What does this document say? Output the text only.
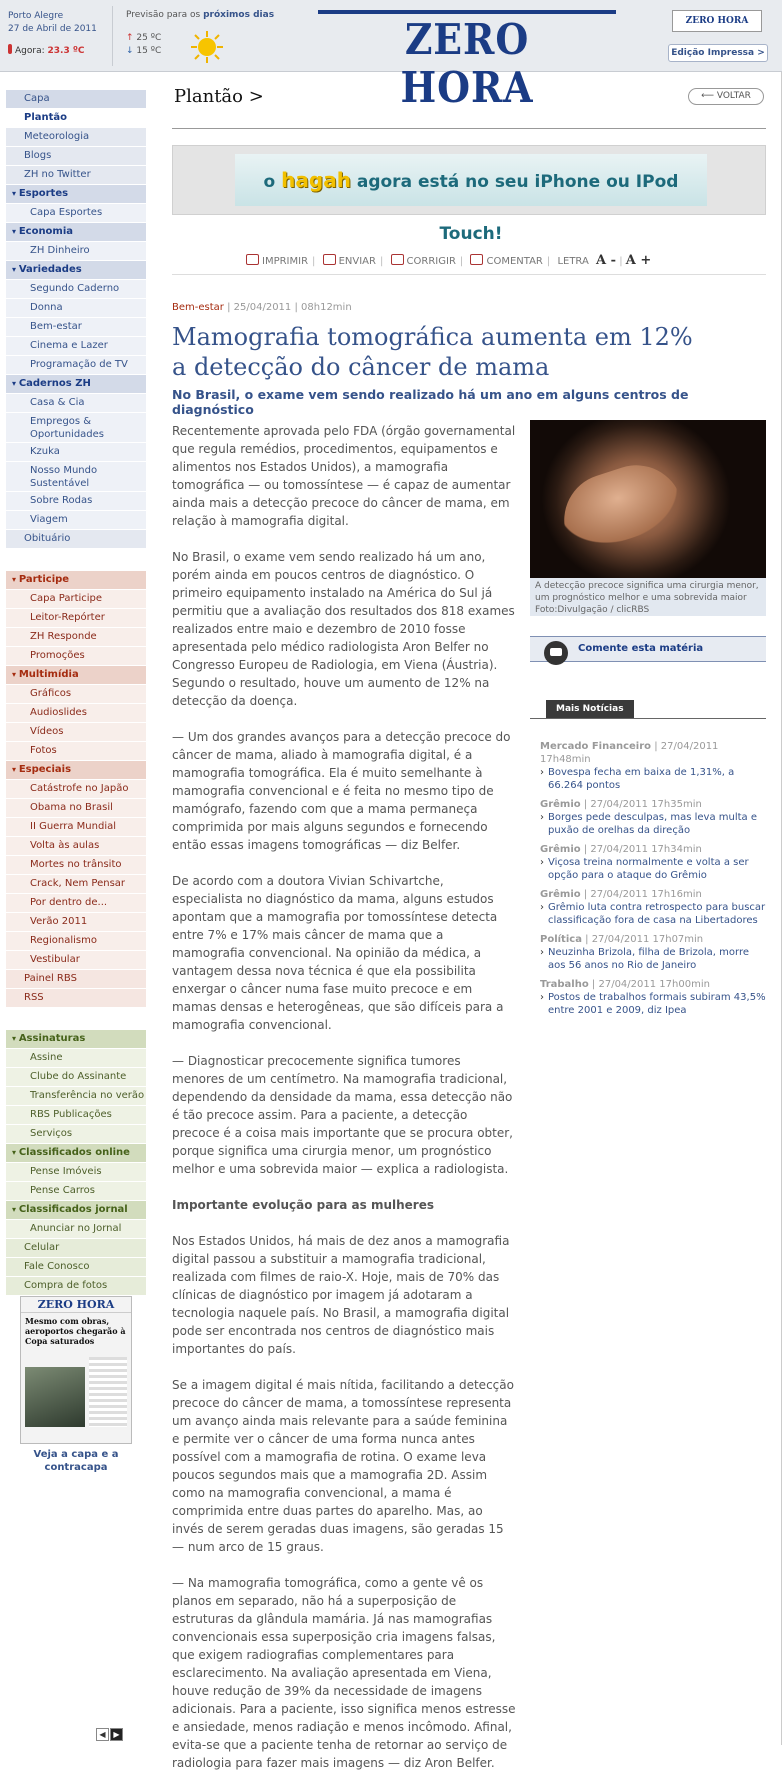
Porto Alegre
27 de Abril de 2011
Agora: 23.3 ºC
Previsão para os próximos dias
↑ 25 ºC
↓ 15 ºC	ZERO HORA
ZERO HORA
Edição Impressa >
Capa
Plantão
Meteorologia
Blogs
ZH no Twitter
▾ Esportes
Capa Esportes
▾ Economia
ZH Dinheiro
▾ Variedades
Segundo Caderno
Donna
Bem-estar
Cinema e Lazer
Programação de TV
▾ Cadernos ZH
Casa & Cia
Empregos & Oportunidades
Kzuka
Nosso Mundo Sustentável
Sobre Rodas
Viagem
Obituário
▾ Participe
Capa Participe
Leitor-Repórter
ZH Responde
Promoções
▾ Multimídia
Gráficos
Audioslides
Vídeos
Fotos
▾ Especiais
Catástrofe no Japão
Obama no Brasil
II Guerra Mundial
Volta às aulas
Mortes no trânsito
Crack, Nem Pensar
Por dentro de...
Verão 2011
Regionalismo
Vestibular
Painel RBS
RSS
▾ Assinaturas
Assine
Clube do Assinante
Transferência no verão
RBS Publicações
Serviços
▾ Classificados online
Pense Imóveis
Pense Carros
▾ Classificados jornal
Anunciar no Jornal
Celular
Fale Conosco
Compra de fotos
ZERO HORA
Mesmo com obras, aeroportos chegarão à Copa saturados
Veja a capa e a contracapa
◀ ▶
Plantão >	⟵ VOLTAR
o hagah agora está no seu iPhone ou IPod Touch!
IMPRIMIR | ENVIAR | CORRIGIR | COMENTAR | LETRA A - | A +
Bem-estar | 25/04/2011 | 08h12min
Mamografia tomográfica aumenta em 12% a detecção do câncer de mama
No Brasil, o exame vem sendo realizado há um ano em alguns centros de diagnóstico

Recentemente aprovada pelo FDA (órgão governamental que regula remédios, procedimentos, equipamentos e alimentos nos Estados Unidos), a mamografia tomográfica — ou tomossíntese — é capaz de aumentar ainda mais a detecção precoce do câncer de mama, em relação à mamografia digital.

No Brasil, o exame vem sendo realizado há um ano, porém ainda em poucos centros de diagnóstico. O primeiro equipamento instalado na América do Sul já permitiu que a avaliação dos resultados dos 818 exames realizados entre maio e dezembro de 2010 fosse apresentada pelo médico radiologista Aron Belfer no Congresso Europeu de Radiologia, em Viena (Áustria). Segundo o resultado, houve um aumento de 12% na detecção da doença.

— Um dos grandes avanços para a detecção precoce do câncer de mama, aliado à mamografia digital, é a mamografia tomográfica. Ela é muito semelhante à mamografia convencional e é feita no mesmo tipo de mamógrafo, fazendo com que a mama permaneça comprimida por mais alguns segundos e fornecendo então essas imagens tomográficas — diz Belfer.

De acordo com a doutora Vivian Schivartche, especialista no diagnóstico da mama, alguns estudos apontam que a mamografia por tomossíntese detecta entre 7% e 17% mais câncer de mama que a mamografia convencional. Na opinião da médica, a vantagem dessa nova técnica é que ela possibilita enxergar o câncer numa fase muito precoce e em mamas densas e heterogêneas, que são difíceis para a mamografia convencional.

— Diagnosticar precocemente significa tumores menores de um centímetro. Na mamografia tradicional, dependendo da densidade da mama, essa detecção não é tão precoce assim. Para a paciente, a detecção precoce é a coisa mais importante que se procura obter, porque significa uma cirurgia menor, um prognóstico melhor e uma sobrevida maior — explica a radiologista.

Importante evolução para as mulheres

Nos Estados Unidos, há mais de dez anos a mamografia digital passou a substituir a mamografia tradicional, realizada com filmes de raio-X. Hoje, mais de 70% das clínicas de diagnóstico por imagem já adotaram a tecnologia naquele país. No Brasil, a mamografia digital pode ser encontrada nos centros de diagnóstico mais importantes do país.

Se a imagem digital é mais nítida, facilitando a detecção precoce do câncer de mama, a tomossíntese representa um avanço ainda mais relevante para a saúde feminina e permite ver o câncer de uma forma nunca antes possível com a mamografia de rotina. O exame leva poucos segundos mais que a mamografia 2D. Assim como na mamografia convencional, a mama é comprimida entre duas partes do aparelho. Mas, ao invés de serem geradas duas imagens, são geradas 15 — num arco de 15 graus.

— Na mamografia tomográfica, como a gente vê os planos em separado, não há a superposição de estruturas da glândula mamária. Já nas mamografias convencionais essa superposição cria imagens falsas, que exigem radiografias complementares para esclarecimento. Na avaliação apresentada em Viena, houve redução de 39% da necessidade de imagens adicionais. Para a paciente, isso significa menos estresse e ansiedade, menos radiação e menos incômodo. Afinal, evita-se que a paciente tenha de retornar ao serviço de radiologia para fazer mais imagens — diz Aron Belfer.

A detecção precoce significa uma cirurgia menor, um prognóstico melhor e uma sobrevida maior Foto:Divulgação / clicRBS
Comente esta matéria
Mais Notícias
Mercado Financeiro | 27/04/2011 17h48min
› Bovespa fecha em baixa de 1,31%, a 66.264 pontos
Grêmio | 27/04/2011 17h35min
› Borges pede desculpas, mas leva multa e puxão de orelhas da direção
Grêmio | 27/04/2011 17h34min
› Viçosa treina normalmente e volta a ser opção para o ataque do Grêmio
Grêmio | 27/04/2011 17h16min
› Grêmio luta contra retrospecto para buscar classificação fora de casa na Libertadores
Política | 27/04/2011 17h07min
› Neuzinha Brizola, filha de Brizola, morre aos 56 anos no Rio de Janeiro
Trabalho | 27/04/2011 17h00min
› Postos de trabalhos formais subiram 43,5% entre 2001 e 2009, diz Ipea
